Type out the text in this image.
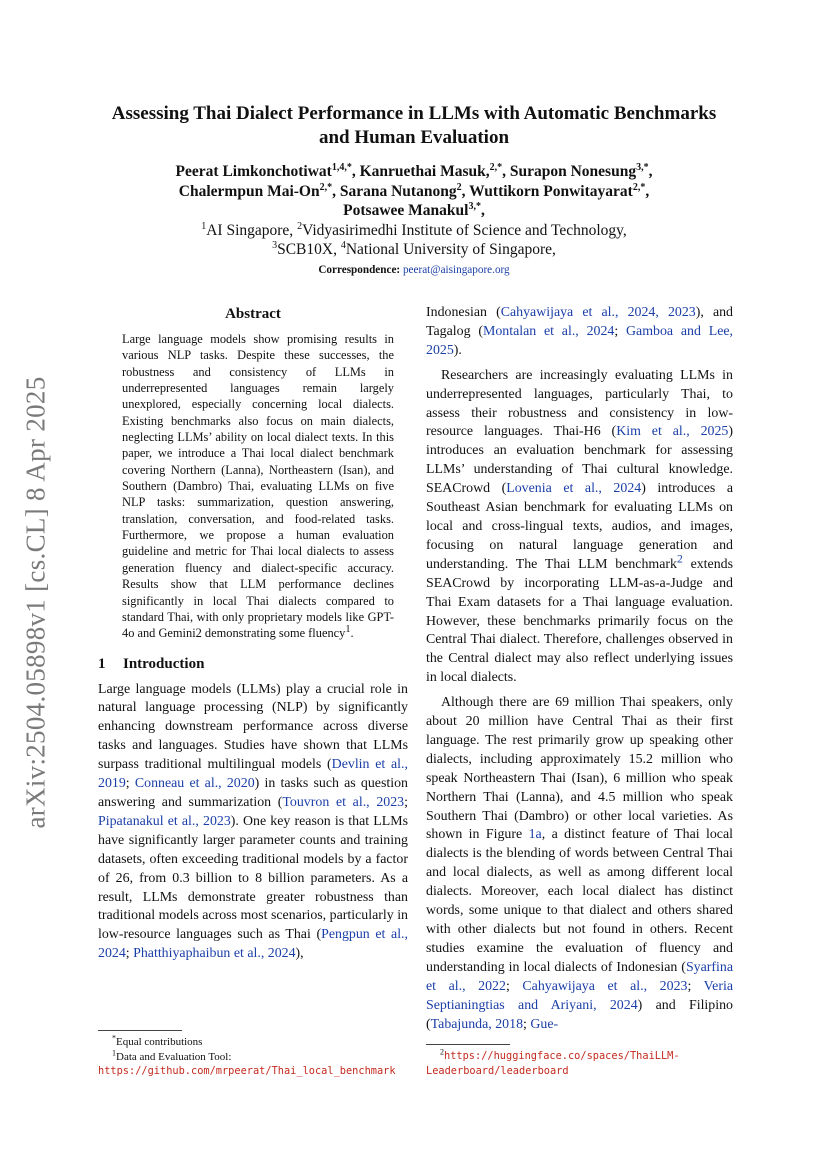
arXiv:2504.05898v1 [cs.CL] 8 Apr 2025
Assessing Thai Dialect Performance in LLMs with Automatic Benchmarks and Human Evaluation
Peerat Limkonchotiwat$^{1,4,*}$, Kanruethai Masuk,$^{2,*}$, Surapon Nonesung$^{3,*}$,
Chalermpun Mai-$On^{2,*}$, Sarana Nutanong$^2$, Wuttikorn Ponwitayarat$^{2,*}$,
Potsawee Manakul$^{3,*}$,
$^1$AI Singapore, $^2$Vidyasirimedhi Institute of Science and Technology,
$^3$SCB10X, $^4$National University of Singapore,
Correspondence: peerat@aisingapore.org
Abstract
Large language models show promising results in various NLP tasks. Despite these successes, the robustness and consistency of LLMs in underrepresented languages remain largely unexplored, especially concerning local dialects. Existing benchmarks also focus on main dialects, neglecting LLMs’ ability on local dialect texts. In this paper, we introduce a Thai local dialect benchmark covering Northern (Lanna), Northeastern (Isan), and Southern (Dambro) Thai, evaluating LLMs on five NLP tasks: summarization, question answering, translation, conversation, and food-related tasks. Furthermore, we propose a human evaluation guideline and metric for Thai local dialects to assess generation fluency and dialect-specific accuracy. Results show that LLM performance declines significantly in local Thai dialects compared to standard Thai, with only proprietary models like GPT-4o and Gemini2 demonstrating some fluency$^1$.
1 Introduction

Large language models (LLMs) play a crucial role in natural language processing (NLP) by significantly enhancing downstream performance across diverse tasks and languages. Studies have shown that LLMs surpass traditional multilingual models (Devlin et al., 2019; Conneau et al., 2020) in tasks such as question answering and summarization (Touvron et al., 2023; Pipatanakul et al., 2023). One key reason is that LLMs have significantly larger parameter counts and training datasets, often exceeding traditional models by a factor of 26, from 0.3 billion to 8 billion parameters. As a result, LLMs demonstrate greater robustness than traditional models across most scenarios, particularly in low-resource languages such as Thai (Pengpun et al., 2024; Phatthiyaphaibun et al., 2024),

Indonesian (Cahyawijaya et al., 2024, 2023), and Tagalog (Montalan et al., 2024; Gamboa and Lee, 2025).

Researchers are increasingly evaluating LLMs in underrepresented languages, particularly Thai, to assess their robustness and consistency in low-resource languages. Thai-H6 (Kim et al., 2025) introduces an evaluation benchmark for assessing LLMs’ understanding of Thai cultural knowledge. SEACrowd (Lovenia et al., 2024) introduces a Southeast Asian benchmark for evaluating LLMs on local and cross-lingual texts, audios, and images, focusing on natural language generation and understanding. The Thai LLM benchmark$^2$ extends SEACrowd by incorporating LLM-as-a-Judge and Thai Exam datasets for a Thai language evaluation. However, these benchmarks primarily focus on the Central Thai dialect. Therefore, challenges observed in the Central dialect may also reflect underlying issues in local dialects.

Although there are 69 million Thai speakers, only about 20 million have Central Thai as their first language. The rest primarily grow up speaking other dialects, including approximately 15.2 million who speak Northeastern Thai (Isan), 6 million who speak Northern Thai (Lanna), and 4.5 million who speak Southern Thai (Dambro) or other local varieties. As shown in Figure 1a, a distinct feature of Thai local dialects is the blending of words between Central Thai and local dialects, as well as among different local dialects. Moreover, each local dialect has distinct words, some unique to that dialect and others shared with other dialects but not found in others. Recent studies examine the evaluation of fluency and understanding in local dialects of Indonesian (Syarfina et al., 2022; Cahyawijaya et al., 2023; Veria Septianingtias and Ariyani, 2024) and Filipino (Tabajunda, 2018; Gue-

*Equal contributions

$^1$Data and Evaluation Tool: https://github.com/mrpeerat/Thai_local_benchmark

$^2$https://huggingface.co/spaces/ThaiLLM-Leaderboard/leaderboard
